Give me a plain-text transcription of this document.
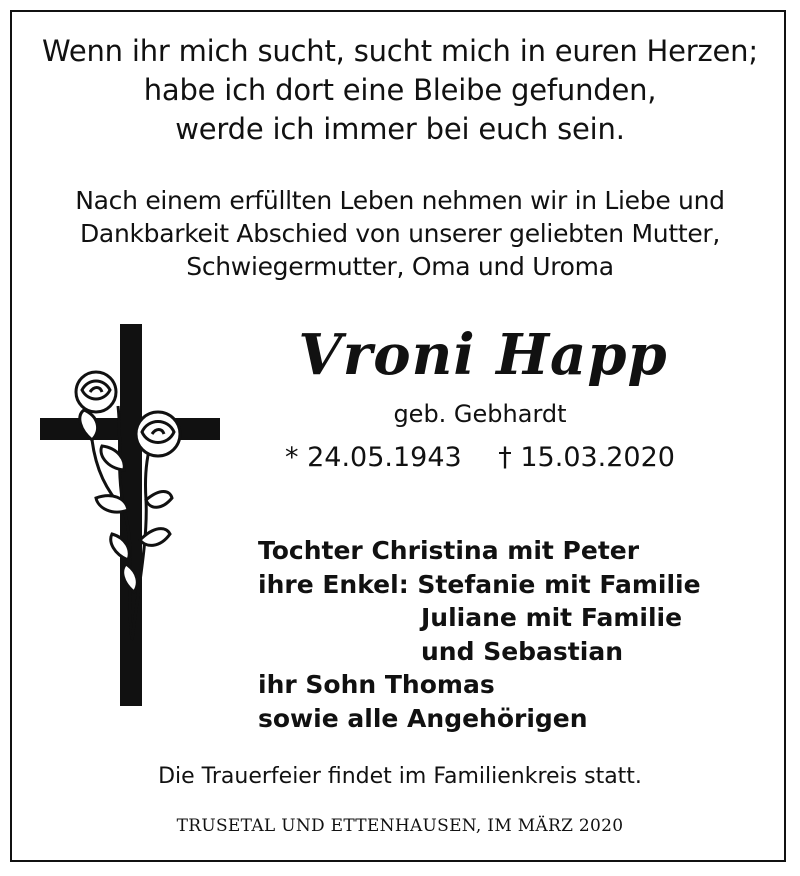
Wenn ihr mich sucht, sucht mich in euren Herzen;
habe ich dort eine Bleibe gefunden,
werde ich immer bei euch sein.
Nach einem erfüllten Leben nehmen wir in Liebe und
Dankbarkeit Abschied von unserer geliebten Mutter,
Schwiegermutter, Oma und Uroma
Vroni Happ
geb. Gebhardt
* 24.05.1943 † 15.03.2020
Tochter Christina mit Peter
ihre Enkel: Stefanie mit Familie
Juliane mit Familie
und Sebastian
ihr Sohn Thomas
sowie alle Angehörigen
Die Trauerfeier findet im Familienkreis statt.
TRUSETAL UND ETTENHAUSEN, IM MÄRZ 2020
